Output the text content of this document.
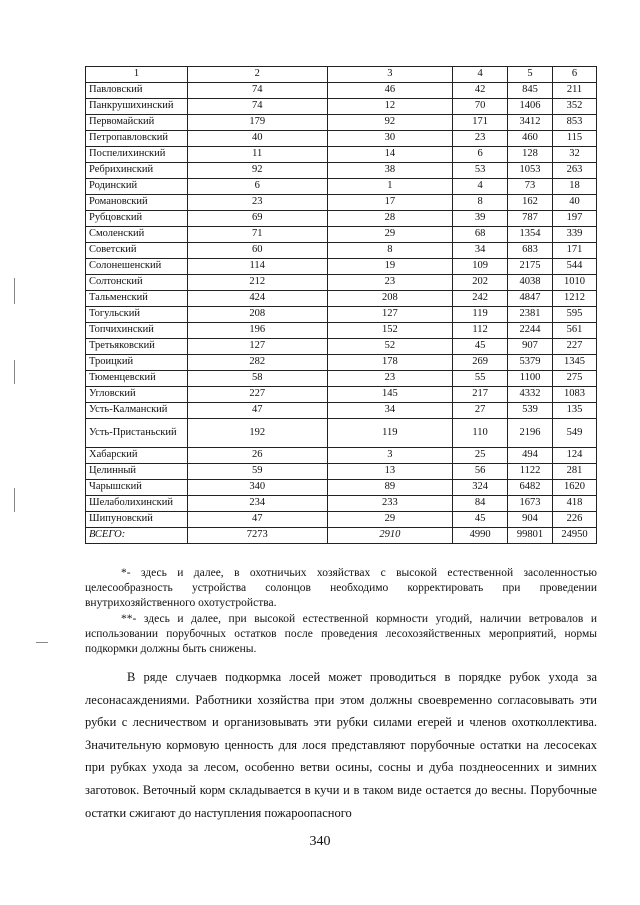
1	2	3	4	5	6
Павловский	74	46	42	845	211
Панкрушихинский	74	12	70	1406	352
Первомайский	179	92	171	3412	853
Петропавловский	40	30	23	460	115
Поспелихинский	11	14	6	128	32
Ребрихинский	92	38	53	1053	263
Родинский	6	1	4	73	18
Романовский	23	17	8	162	40
Рубцовский	69	28	39	787	197
Смоленский	71	29	68	1354	339
Советский	60	8	34	683	171
Солонешенский	114	19	109	2175	544
Солтонский	212	23	202	4038	1010
Тальменский	424	208	242	4847	1212
Тогульский	208	127	119	2381	595
Топчихинский	196	152	112	2244	561
Третьяковский	127	52	45	907	227
Троицкий	282	178	269	5379	1345
Тюменцевский	58	23	55	1100	275
Угловский	227	145	217	4332	1083
Усть-Калманский	47	34	27	539	135
Усть-Пристаньский	192	119	110	2196	549
Хабарский	26	3	25	494	124
Целинный	59	13	56	1122	281
Чарышский	340	89	324	6482	1620
Шелаболихинский	234	233	84	1673	418
Шипуновский	47	29	45	904	226
ВСЕГО:	7273	2910	4990	99801	24950

*- здесь и далее, в охотничьих хозяйствах с высокой естественной засоленностью целесообразность устройства солонцов необходимо корректировать при проведении внутрихозяйственного охотустройства.

**- здесь и далее, при высокой естественной кормности угодий, наличии ветровалов и использовании порубочных остатков после проведения лесохозяйственных мероприятий, нормы подкормки должны быть снижены.

В ряде случаев подкормка лосей может проводиться в порядке рубок ухода за лесонасаждениями. Работники хозяйства при этом должны своевременно согласовывать эти рубки с лесничеством и организовывать эти рубки силами егерей и членов охотколлектива. Значительную кормовую ценность для лося представляют порубочные остатки на лесосеках при рубках ухода за лесом, особенно ветви осины, сосны и дуба позднеосенних и зимних заготовок. Веточный корм складывается в кучи и в таком виде остается до весны. Порубочные остатки сжигают до наступления пожароопасного

340
